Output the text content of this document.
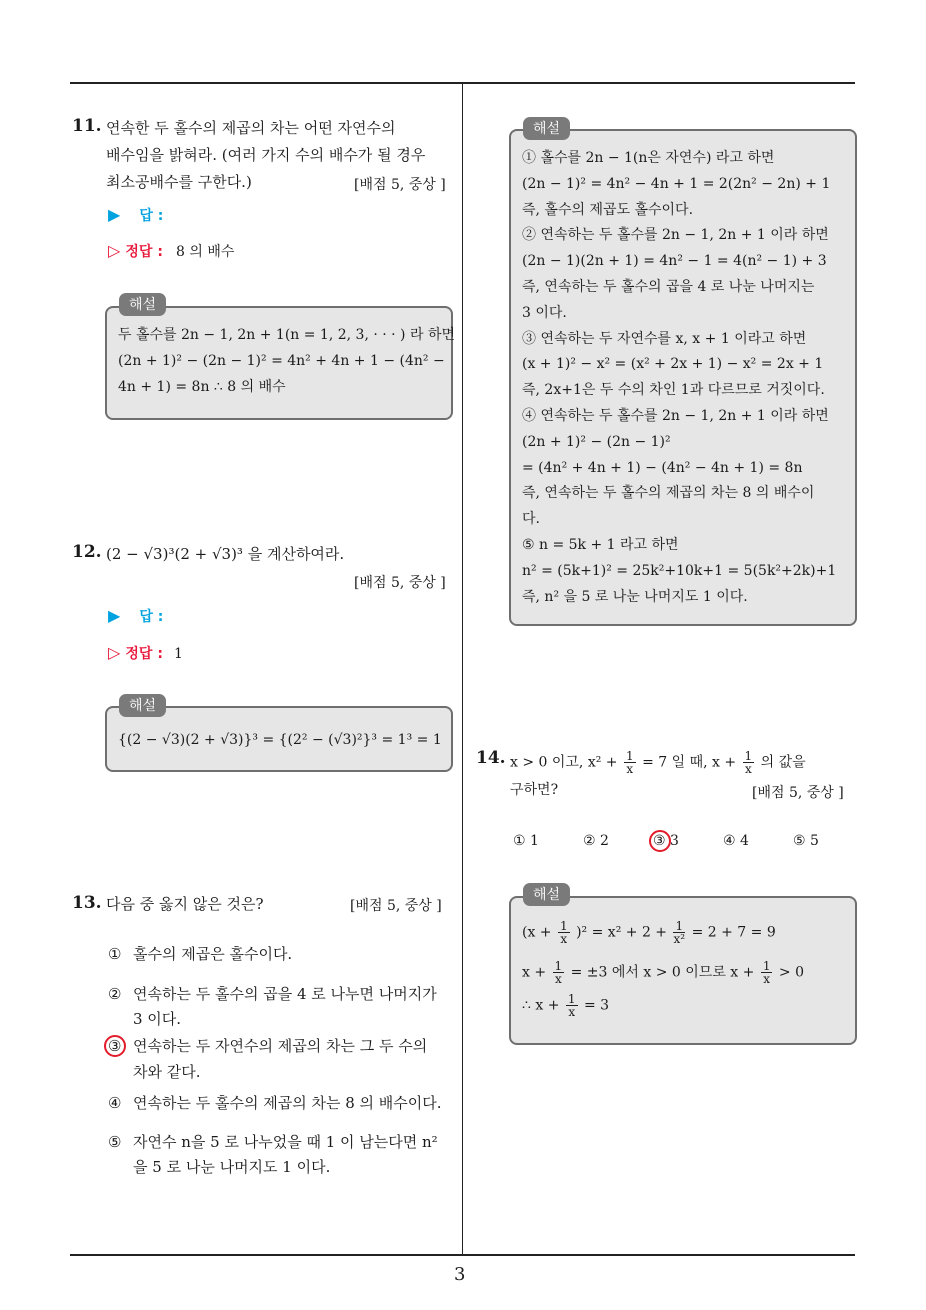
3
11. 연속한 두 홀수의 제곱의 차는 어떤 자연수의
배수임을 밝혀라. (여러 가지 수의 배수가 될 경우
최소공배수를 구한다.)	[배점 5, 중상 ]
▶ 답 :
▷ 정답 : 8 의 배수
해설
두 홀수를 2n − 1, 2n + 1(n = 1, 2, 3, · · · ) 라 하면
(2n + 1)² − (2n − 1)² = 4n² + 4n + 1 − (4n² −
4n + 1) = 8n ∴ 8 의 배수
12. (2 − √3)³(2 + √3)³ 을 계산하여라.
[배점 5, 중상 ]
▶ 답 :
▷ 정답 : 1
해설
{(2 − √3)(2 + √3)}³ = {(2² − (√3)²}³ = 1³ = 1
13. 다음 중 옳지 않은 것은?	[배점 5, 중상 ]
① 홀수의 제곱은 홀수이다.
② 연속하는 두 홀수의 곱을 4 로 나누면 나머지가
3 이다.
③ 연속하는 두 자연수의 제곱의 차는 그 두 수의
차와 같다.
④ 연속하는 두 홀수의 제곱의 차는 8 의 배수이다.
⑤ 자연수 n을 5 로 나누었을 때 1 이 남는다면 n²
을 5 로 나눈 나머지도 1 이다.
해설
① 홀수를 2n − 1(n은 자연수) 라고 하면
(2n − 1)² = 4n² − 4n + 1 = 2(2n² − 2n) + 1
즉, 홀수의 제곱도 홀수이다.
② 연속하는 두 홀수를 2n − 1, 2n + 1 이라 하면
(2n − 1)(2n + 1) = 4n² − 1 = 4(n² − 1) + 3
즉, 연속하는 두 홀수의 곱을 4 로 나눈 나머지는
3 이다.
③ 연속하는 두 자연수를 x, x + 1 이라고 하면
(x + 1)² − x² = (x² + 2x + 1) − x² = 2x + 1
즉, 2x+1은 두 수의 차인 1과 다르므로 거짓이다.
④ 연속하는 두 홀수를 2n − 1, 2n + 1 이라 하면
(2n + 1)² − (2n − 1)²
= (4n² + 4n + 1) − (4n² − 4n + 1) = 8n
즉, 연속하는 두 홀수의 제곱의 차는 8 의 배수이
다.
⑤ n = 5k + 1 라고 하면
n² = (5k+1)² = 25k²+10k+1 = 5(5k²+2k)+1
즉, n² 을 5 로 나눈 나머지도 1 이다.
14. x > 0 이고, $x^2 + \frac{1}{x} = 7$ 일 때, $x + \frac{1}{x}$ 의 값을
구하면?	[배점 5, 중상 ]
① 1	② 2	③ 3	④ 4	⑤ 5
해설
$(x + \frac{1}{x} )^2 = x^2 + 2 + \frac{1}{\text{x²}} = 2 + 7 = 9$
$x + \frac{1}{x} = \pm 3$ 에서 x > 0 이므로 $x + \frac{1}{x} > 0$
∴ $x + \frac{1}{x} = 3$
